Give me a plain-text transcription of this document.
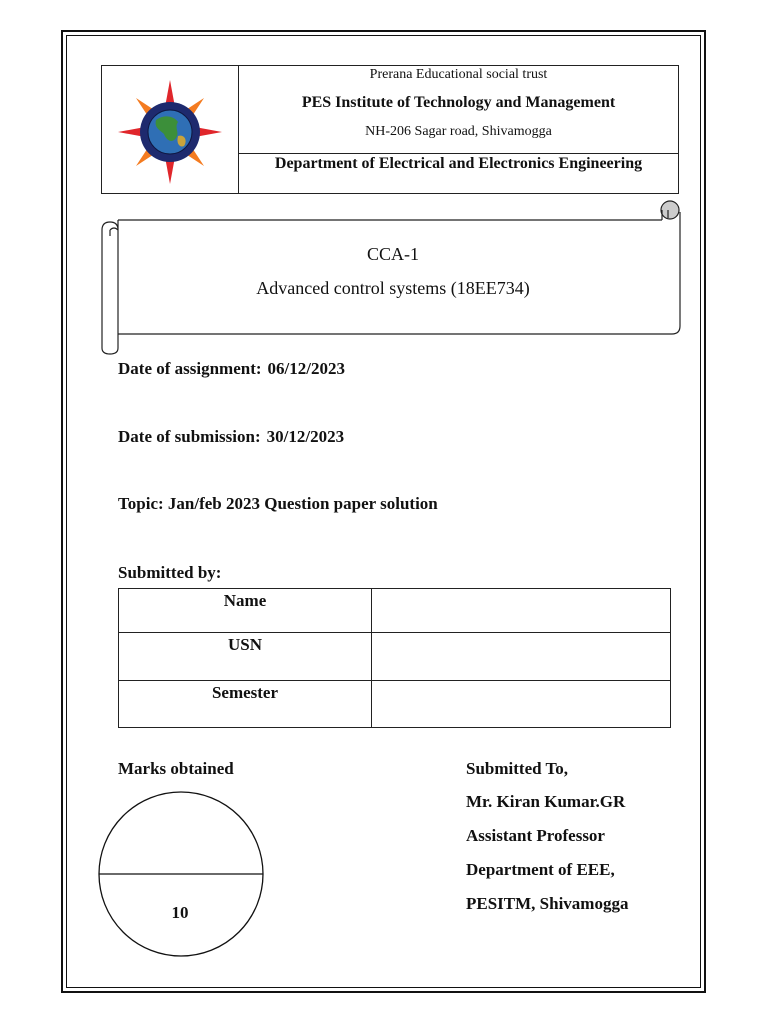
Prerana Educational social trust
PES Institute of Technology and Management
NH-206 Sagar road, Shivamogga
Department of Electrical and Electronics Engineering
CCA-1
Advanced control systems (18EE734)
Date of assignment: 06/12/2023
Date of submission: 30/12/2023
Topic: Jan/feb 2023 Question paper solution
Submitted by:
Name	
USN	
Semester	
Marks obtained
10
Submitted To,
Mr. Kiran Kumar.GR
Assistant Professor
Department of EEE,
PESITM, Shivamogga
